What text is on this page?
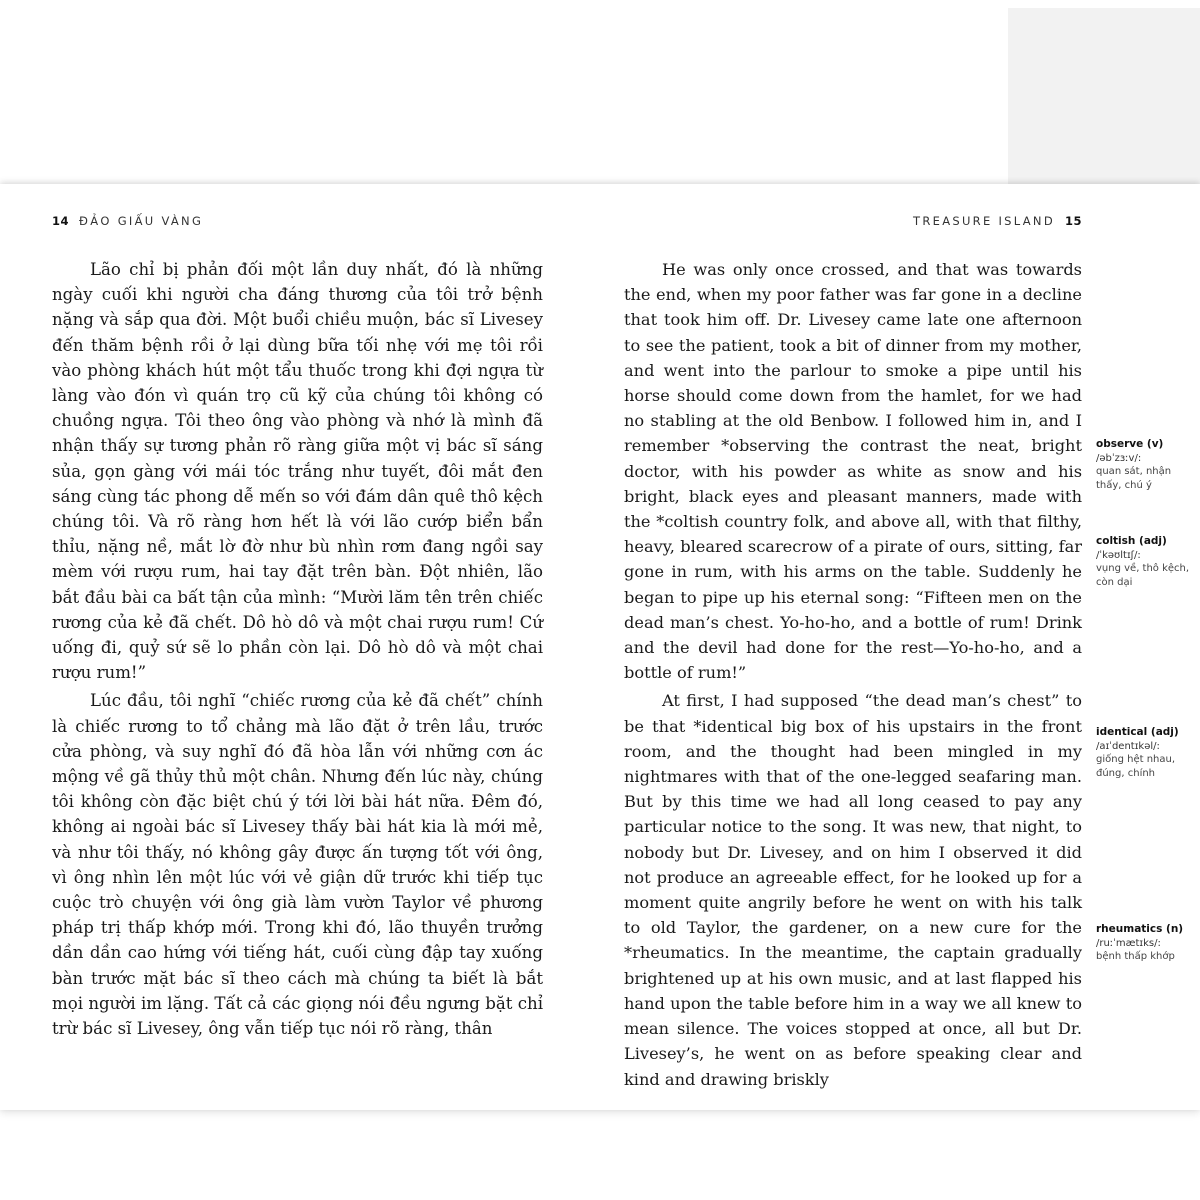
14 ĐẢO GIẤU VÀNG	TREASURE ISLAND 15

Lão chỉ bị phản đối một lần duy nhất, đó là những ngày cuối khi người cha đáng thương của tôi trở bệnh nặng và sắp qua đời. Một buổi chiều muộn, bác sĩ Livesey đến thăm bệnh rồi ở lại dùng bữa tối nhẹ với mẹ tôi rồi vào phòng khách hút một tẩu thuốc trong khi đợi ngựa từ làng vào đón vì quán trọ cũ kỹ của chúng tôi không có chuồng ngựa. Tôi theo ông vào phòng và nhớ là mình đã nhận thấy sự tương phản rõ ràng giữa một vị bác sĩ sáng sủa, gọn gàng với mái tóc trắng như tuyết, đôi mắt đen sáng cùng tác phong dễ mến so với đám dân quê thô kệch chúng tôi. Và rõ ràng hơn hết là với lão cướp biển bẩn thỉu, nặng nề, mắt lờ đờ như bù nhìn rơm đang ngồi say mèm với rượu rum, hai tay đặt trên bàn. Đột nhiên, lão bắt đầu bài ca bất tận của mình: “Mười lăm tên trên chiếc rương của kẻ đã chết. Dô hò dô và một chai rượu rum! Cứ uống đi, quỷ sứ sẽ lo phần còn lại. Dô hò dô và một chai rượu rum!”

Lúc đầu, tôi nghĩ “chiếc rương của kẻ đã chết” chính là chiếc rương to tổ chảng mà lão đặt ở trên lầu, trước cửa phòng, và suy nghĩ đó đã hòa lẫn với những cơn ác mộng về gã thủy thủ một chân. Nhưng đến lúc này, chúng tôi không còn đặc biệt chú ý tới lời bài hát nữa. Đêm đó, không ai ngoài bác sĩ Livesey thấy bài hát kia là mới mẻ, và như tôi thấy, nó không gây được ấn tượng tốt với ông, vì ông nhìn lên một lúc với vẻ giận dữ trước khi tiếp tục cuộc trò chuyện với ông già làm vườn Taylor về phương pháp trị thấp khớp mới. Trong khi đó, lão thuyền trưởng dần dần cao hứng với tiếng hát, cuối cùng đập tay xuống bàn trước mặt bác sĩ theo cách mà chúng ta biết là bắt mọi người im lặng. Tất cả các giọng nói đều ngưng bặt chỉ trừ bác sĩ Livesey, ông vẫn tiếp tục nói rõ ràng, thân

He was only once crossed, and that was towards the end, when my poor father was far gone in a decline that took him off. Dr. Livesey came late one afternoon to see the patient, took a bit of dinner from my mother, and went into the parlour to smoke a pipe until his horse should come down from the hamlet, for we had no stabling at the old Benbow. I followed him in, and I remember *observing the contrast the neat, bright doctor, with his powder as white as snow and his bright, black eyes and pleasant manners, made with the *coltish country folk, and above all, with that filthy, heavy, bleared scarecrow of a pirate of ours, sitting, far gone in rum, with his arms on the table. Suddenly he began to pipe up his eternal song: “Fifteen men on the dead man’s chest. Yo-ho-ho, and a bottle of rum! Drink and the devil had done for the rest—Yo-ho-ho, and a bottle of rum!”

At first, I had supposed “the dead man’s chest” to be that *identical big box of his upstairs in the front room, and the thought had been mingled in my nightmares with that of the one-legged seafaring man. But by this time we had all long ceased to pay any particular notice to the song. It was new, that night, to nobody but Dr. Livesey, and on him I observed it did not produce an agreeable effect, for he looked up for a moment quite angrily before he went on with his talk to old Taylor, the gardener, on a new cure for the *rheumatics. In the meantime, the captain gradually brightened up at his own music, and at last flapped his hand upon the table before him in a way we all knew to mean silence. The voices stopped at once, all but Dr. Livesey’s, he went on as before speaking clear and kind and drawing briskly

observe (v)
/əbˈzɜːv/:
quan sát, nhận thấy, chú ý
coltish (adj)
/ˈkəʊltɪʃ/:
vụng về, thô kệch, còn dại
identical (adj)
/aɪˈdentɪkəl/:
giống hệt nhau, đúng, chính
rheumatics (n)
/ruːˈmætɪks/:
bệnh thấp khớp
